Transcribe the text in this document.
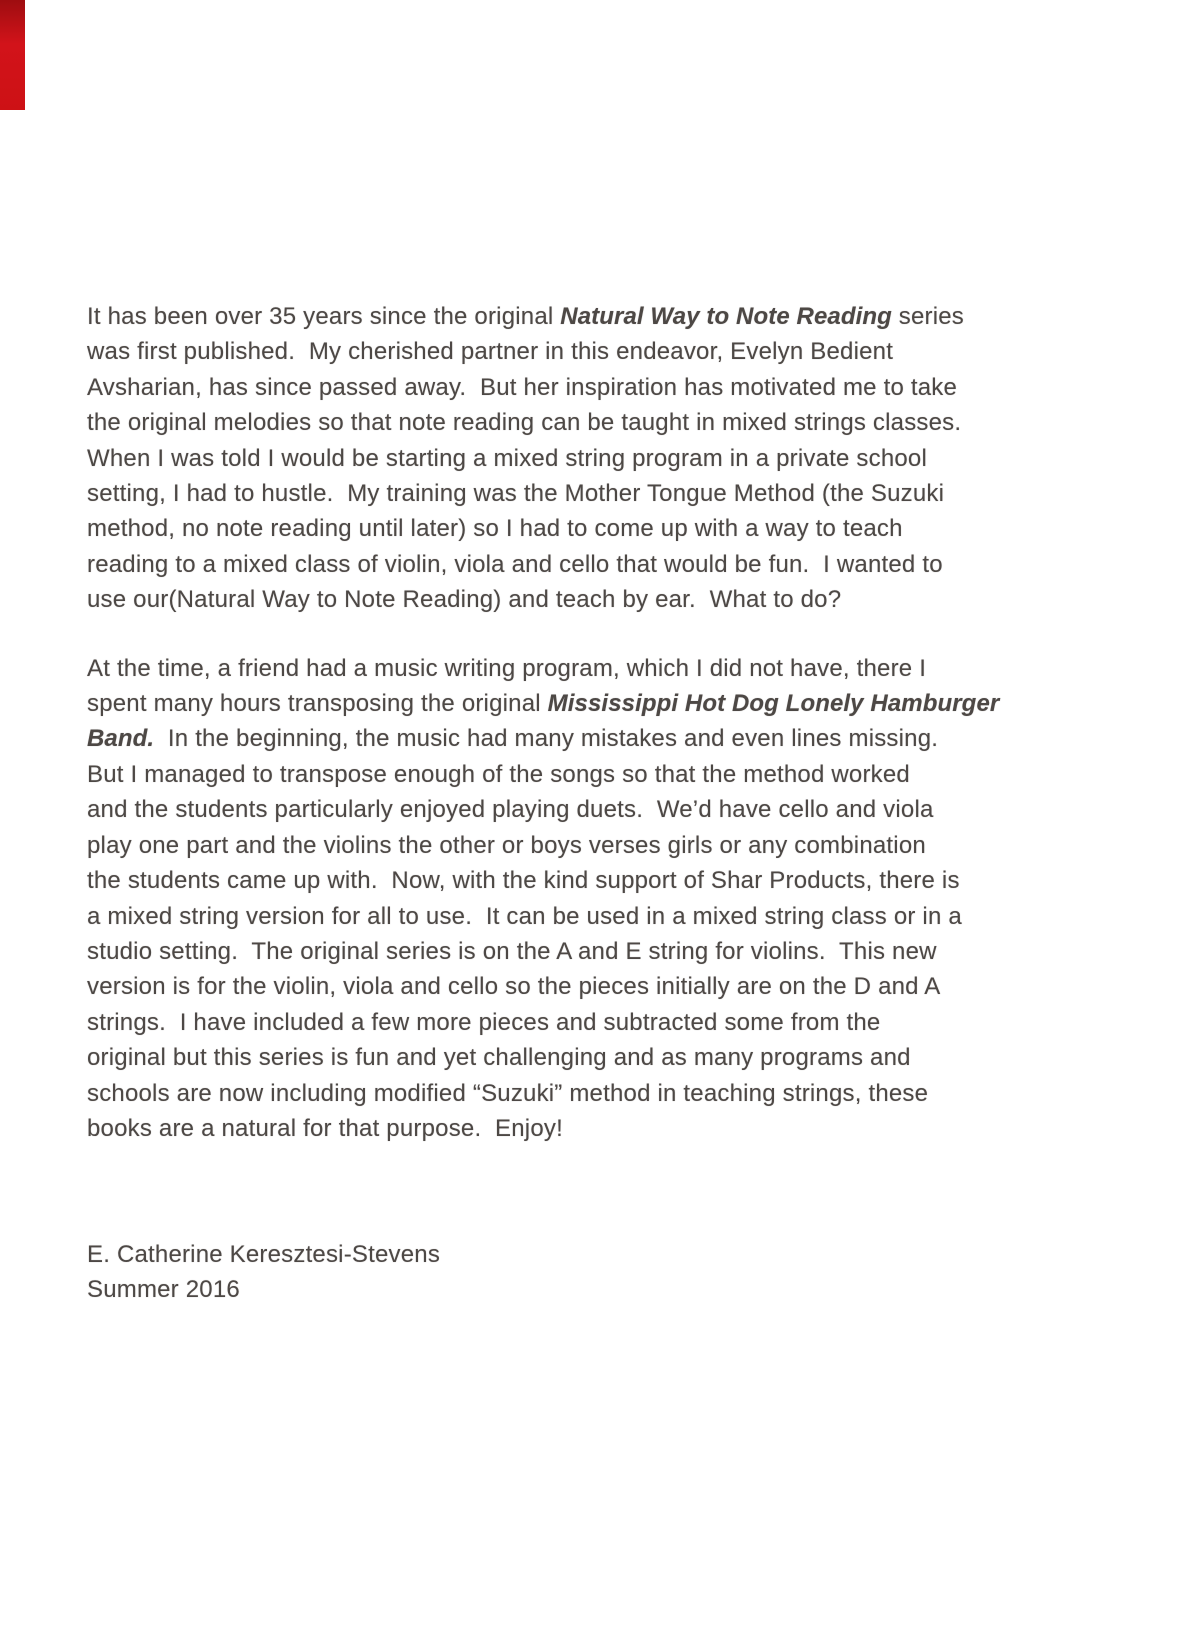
It has been over 35 years since the original Natural Way to Note Reading series
was first published.  My cherished partner in this endeavor, Evelyn Bedient
Avsharian, has since passed away.  But her inspiration has motivated me to take
the original melodies so that note reading can be taught in mixed strings classes.
When I was told I would be starting a mixed string program in a private school
setting, I had to hustle.  My training was the Mother Tongue Method (the Suzuki
method, no note reading until later) so I had to come up with a way to teach
reading to a mixed class of violin, viola and cello that would be fun.  I wanted to
use our(Natural Way to Note Reading) and teach by ear.  What to do?
At the time, a friend had a music writing program, which I did not have, there I
spent many hours transposing the original Mississippi Hot Dog Lonely Hamburger
Band.  In the beginning, the music had many mistakes and even lines missing.
But I managed to transpose enough of the songs so that the method worked
and the students particularly enjoyed playing duets.  We’d have cello and viola
play one part and the violins the other or boys verses girls or any combination
the students came up with.  Now, with the kind support of Shar Products, there is
a mixed string version for all to use.  It can be used in a mixed string class or in a
studio setting.  The original series is on the A and E string for violins.  This new
version is for the violin, viola and cello so the pieces initially are on the D and A
strings.  I have included a few more pieces and subtracted some from the
original but this series is fun and yet challenging and as many programs and
schools are now including modified “Suzuki” method in teaching strings, these
books are a natural for that purpose.  Enjoy!
E. Catherine Keresztesi-Stevens
Summer 2016
